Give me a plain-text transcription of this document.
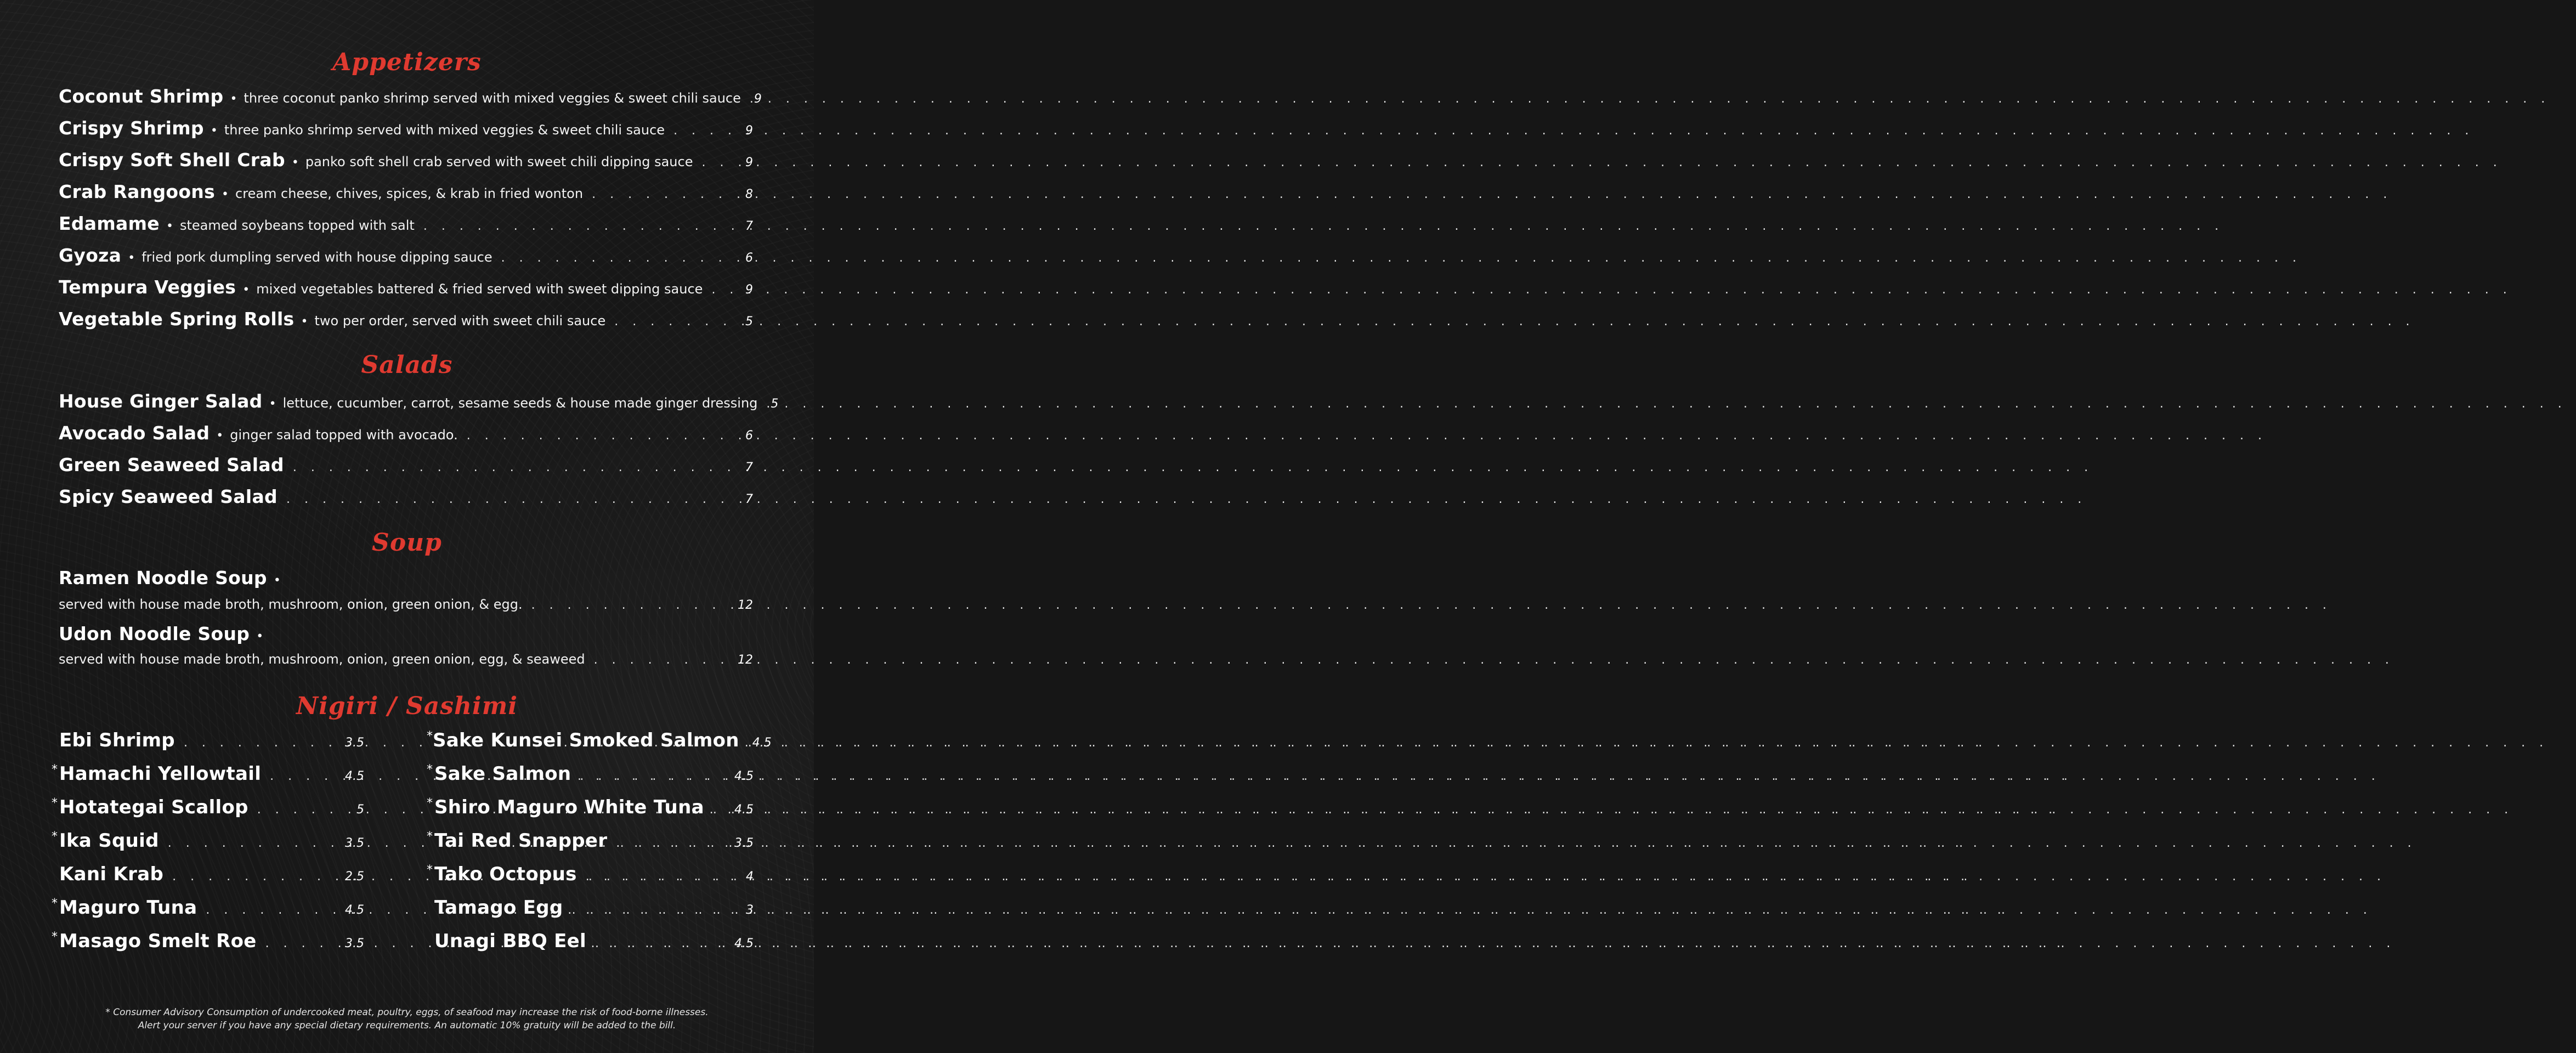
Appetizers
Coconut Shrimp • three coconut panko shrimp served with mixed veggies & sweet chili sauce ..... 9
Crispy Shrimp • three panko shrimp served with mixed veggies & sweet chili sauce .....	9
Crispy Soft Shell Crab • panko soft shell crab served with sweet chili dipping sauce .....	9
Crab Rangoons • cream cheese, chives, spices, & krab in fried wonton .....	8
Edamame • steamed soybeans topped with salt .....	7
Gyoza • fried pork dumpling served with house dipping sauce .....	6
Tempura Veggies • mixed vegetables battered & fried served with sweet dipping sauce .....	9
Vegetable Spring Rolls • two per order, served with sweet chili sauce .....	5
Salads
House Ginger Salad • lettuce, cucumber, carrot, sesame seeds & house made ginger dressing ..... 5
Avocado Salad • ginger salad topped with avocado. .....	6
Green Seaweed Salad .....	7
Spicy Seaweed Salad .....	7
Soup
Ramen Noodle Soup •
served with house made broth, mushroom, onion, green onion, & egg. .....	12
Udon Noodle Soup •
served with house made broth, mushroom, onion, green onion, egg, & seaweed .....	12
Nigiri / Sashimi
Ebi Shrimp .....	3.5
* Hamachi Yellowtail .....	4.5
* Hotategai Scallop .....	5
* Ika Squid .....	3.5
Kani Krab .....	2.5
* Maguro Tuna .....	4.5
* Masago Smelt Roe .....	3.5
* Sake Kunsei Smoked Salmon ..... 4.5
* Sake Salmon .....	4.5
* Shiro Maguro White Tuna .....	4.5
* Tai Red Snapper .....	3.5
* Tako Octopus .....	4
Tamago Egg .....	3
Unagi BBQ Eel .....	4.5
* Consumer Advisory Consumption of undercooked meat, poultry, eggs, of seafood may increase the risk of food-borne illnesses.
Alert your server if you have any special dietary requirements. An automatic 10% gratuity will be added to the bill.
